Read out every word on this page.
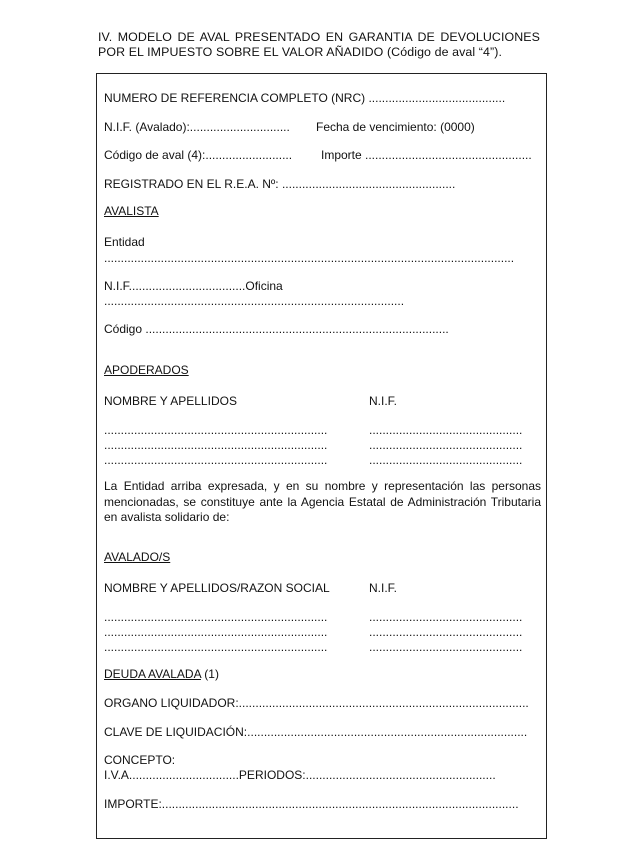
IV. MODELO DE AVAL PRESENTADO EN GARANTIA DE DEVOLUCIONES
POR EL IMPUESTO SOBRE EL VALOR AÑADIDO (Código de aval “4”).
NUMERO DE REFERENCIA COMPLETO (NRC) .........................................
N.I.F. (Avalado):.............................. Fecha de vencimiento: (0000)
Código de aval (4):.......................... Importe ..................................................
REGISTRADO EN EL R.E.A. Nº: ....................................................
AVALISTA
Entidad
...........................................................................................................................
N.I.F...................................Oficina
..........................................................................................
Código ...........................................................................................
APODERADOS
NOMBRE Y APELLIDOS	N.I.F.
...................................................................	..............................................
...................................................................	..............................................
...................................................................	..............................................
La Entidad arriba expresada, y en su nombre y representación las personas mencionadas, se constituye ante la Agencia Estatal de Administración Tributaria en avalista solidario de:
AVALADO/S
NOMBRE Y APELLIDOS/RAZON SOCIAL	N.I.F.
...................................................................	..............................................
...................................................................	..............................................
...................................................................	..............................................
DEUDA AVALADA (1)
ORGANO LIQUIDADOR:.......................................................................................
CLAVE DE LIQUIDACIÓN:....................................................................................
CONCEPTO:
I.V.A.................................PERIODOS:.........................................................
IMPORTE:...........................................................................................................
